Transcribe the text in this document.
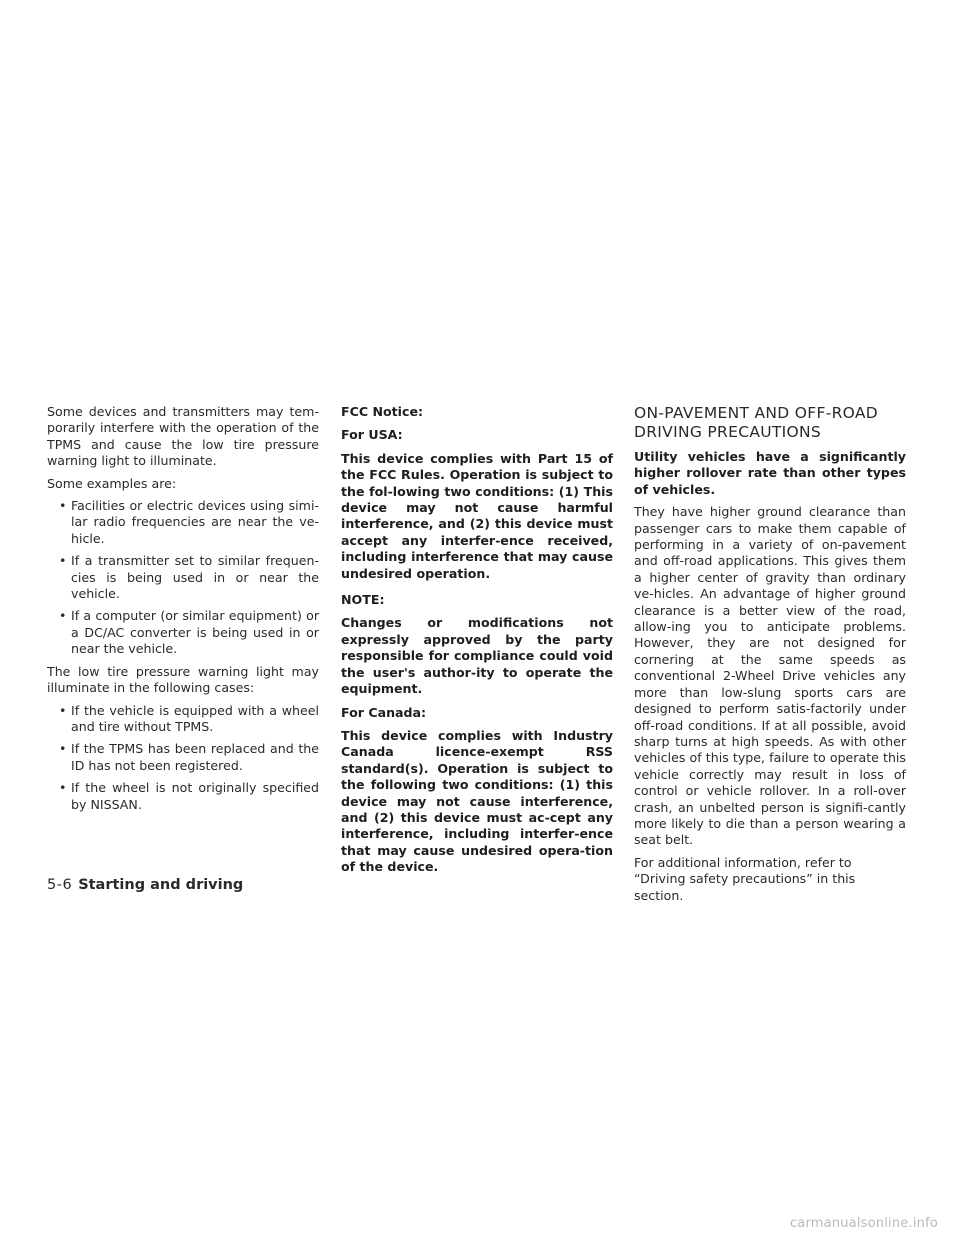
Some devices and transmitters may tem-porarily interfere with the operation of the TPMS and cause the low tire pressure warning light to illuminate.

Some examples are:

• Facilities or electric devices using simi-lar radio frequencies are near the ve-hicle.
• If a transmitter set to similar frequen-cies is being used in or near the vehicle.
• If a computer (or similar equipment) or a DC/AC converter is being used in or near the vehicle.

The low tire pressure warning light may illuminate in the following cases:

• If the vehicle is equipped with a wheel and tire without TPMS.
• If the TPMS has been replaced and the ID has not been registered.
• If the wheel is not originally specified by NISSAN.

FCC Notice:

For USA:

This device complies with Part 15 of the FCC Rules. Operation is subject to the fol-lowing two conditions: (1) This device may not cause harmful interference, and (2) this device must accept any interfer-ence received, including interference that may cause undesired operation.

NOTE:

Changes or modifications not expressly approved by the party responsible for compliance could void the user's author-ity to operate the equipment.

For Canada:

This device complies with Industry Canada licence-exempt RSS standard(s). Operation is subject to the following two conditions: (1) this device may not cause interference, and (2) this device must ac-cept any interference, including interfer-ence that may cause undesired opera-tion of the device.

ON-PAVEMENT AND OFF-ROAD
DRIVING PRECAUTIONS

Utility vehicles have a significantly higher rollover rate than other types of vehicles.

They have higher ground clearance than passenger cars to make them capable of performing in a variety of on-pavement and off-road applications. This gives them a higher center of gravity than ordinary ve-hicles. An advantage of higher ground clearance is a better view of the road, allow-ing you to anticipate problems. However, they are not designed for cornering at the same speeds as conventional 2-Wheel Drive vehicles any more than low-slung sports cars are designed to perform satis-factorily under off-road conditions. If at all possible, avoid sharp turns at high speeds. As with other vehicles of this type, failure to operate this vehicle correctly may result in loss of control or vehicle rollover. In a roll-over crash, an unbelted person is signifi-cantly more likely to die than a person wearing a seat belt.

For additional information, refer to “Driving safety precautions” in this section.

5-6 Starting and driving
carmanualsonline.info
